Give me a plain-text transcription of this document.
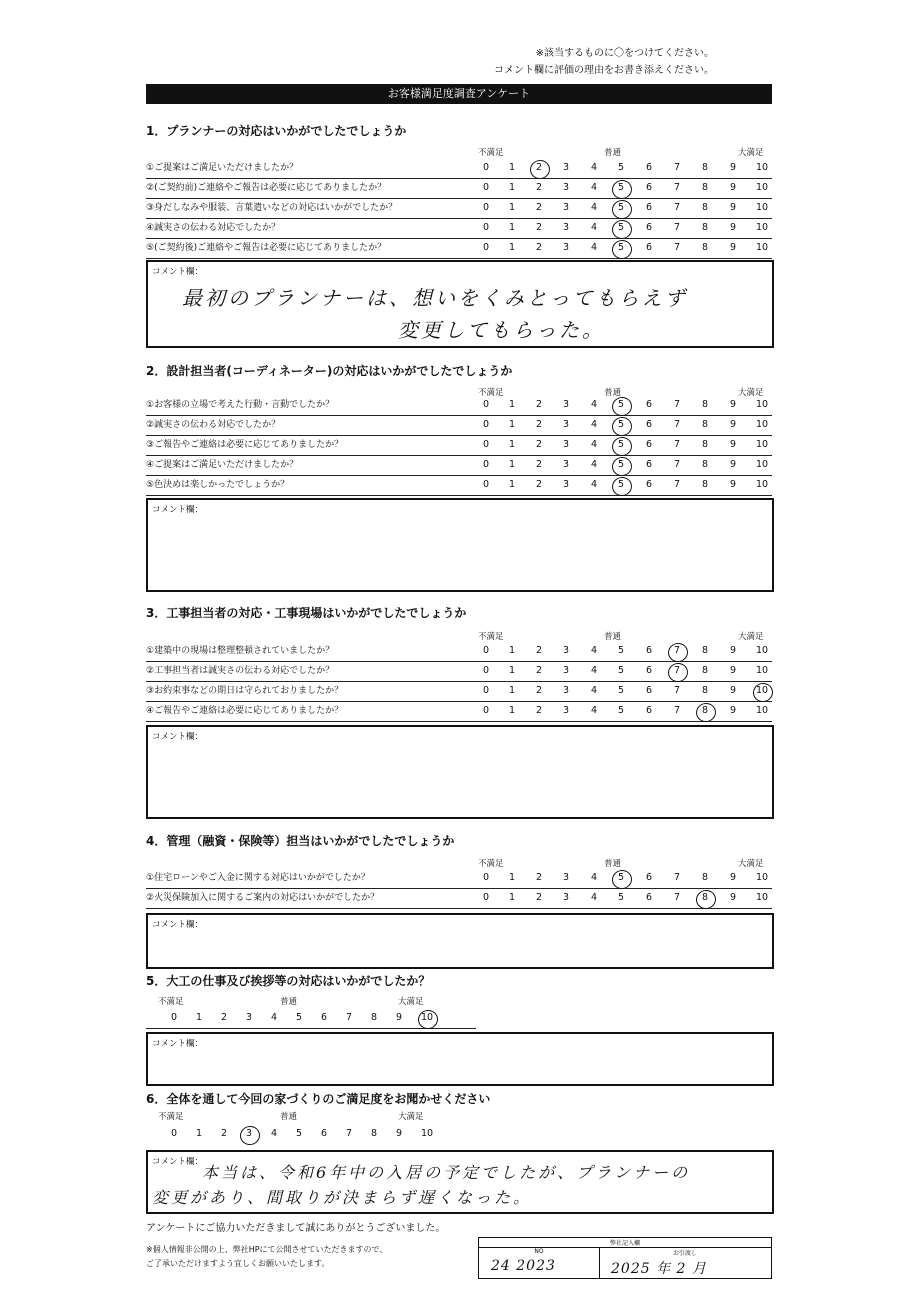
※該当するものに〇をつけてください。
コメント欄に評価の理由をお書き添えください。
お客様満足度調査アンケート
1．プランナーの対応はいかがでしたでしょうか
不満足	普通	大満足
①ご提案はご満足いただけましたか？	0	1	2	3	4	5	6	7	8	9	10
②(ご契約前)ご連絡やご報告は必要に応じてありましたか？	0	1	2	3	4	5	6	7	8	9	10
③身だしなみや服装、言葉遣いなどの対応はいかがでしたか？	0	1	2	3	4	5	6	7	8	9	10
④誠実さの伝わる対応でしたか？	0	1	2	3	4	5	6	7	8	9	10
⑤(ご契約後)ご連絡やご報告は必要に応じてありましたか？	0	1	2	3	4	5	6	7	8	9	10
コメント欄：
最初のプランナーは、想いをくみとってもらえず
変更してもらった。
2．設計担当者(コーディネーター)の対応はいかがでしたでしょうか
不満足	普通	大満足
①お客様の立場で考えた行動・言動でしたか？	0	1	2	3	4	5	6	7	8	9	10
②誠実さの伝わる対応でしたか？	0	1	2	3	4	5	6	7	8	9	10
③ご報告やご連絡は必要に応じてありましたか？	0	1	2	3	4	5	6	7	8	9	10
④ご提案はご満足いただけましたか？	0	1	2	3	4	5	6	7	8	9	10
⑤色決めは楽しかったでしょうか？	0	1	2	3	4	5	6	7	8	9	10
コメント欄：
3．工事担当者の対応・工事現場はいかがでしたでしょうか
不満足	普通	大満足
①建築中の現場は整理整頓されていましたか？	0	1	2	3	4	5	6	7	8	9	10
②工事担当者は誠実さの伝わる対応でしたか？	0	1	2	3	4	5	6	7	8	9	10
③お約束事などの期日は守られておりましたか？	0	1	2	3	4	5	6	7	8	9	10
④ご報告やご連絡は必要に応じてありましたか？	0	1	2	3	4	5	6	7	8	9	10
コメント欄：
4．管理（融資・保険等）担当はいかがでしたでしょうか
不満足	普通	大満足
①住宅ローンやご入金に関する対応はいかがでしたか？	0	1	2	3	4	5	6	7	8	9	10
②火災保険加入に関するご案内の対応はいかがでしたか？	0	1	2	3	4	5	6	7	8	9	10
コメント欄：
5．大工の仕事及び挨拶等の対応はいかがでしたか？
不満足	普通	大満足
0	1	2	3	4	5	6	7	8	9	10
コメント欄：
6．全体を通して今回の家づくりのご満足度をお聞かせください
不満足	普通	大満足
0	1	2	3	4	5	6	7	8	9	10
コメント欄：
本当は、令和6年中の入居の予定でしたが、プランナーの
変更があり、間取りが決まらず遅くなった。
アンケートにご協力いただきまして誠にありがとうございました。
※個人情報非公開の上、弊社HPにて公開させていただきますので、
ご了承いただけますよう宜しくお願いいたします。
弊社記入欄
NO	お引渡し
24 2023	2025 年 2 月
